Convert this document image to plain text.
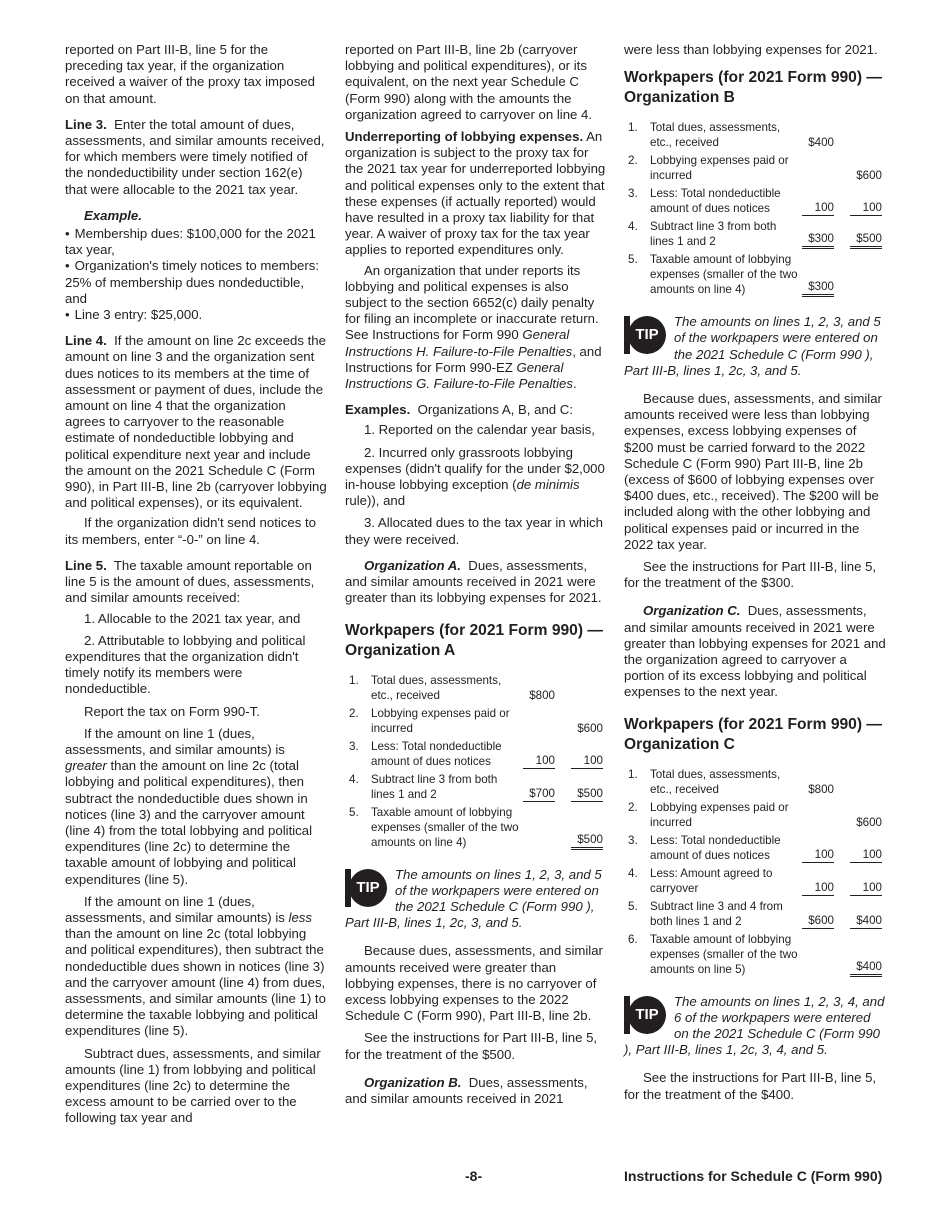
reported on Part III-B, line 5 for the preceding tax year, if the organization received a waiver of the proxy tax imposed on that amount.

Line 3. Enter the total amount of dues, assessments, and similar amounts received, for which members were timely notified of the nondeductibility under section 162(e) that were allocable to the 2021 tax year.

Example.
• Membership dues: $100,000 for the 2021 tax year,
• Organization's timely notices to members: 25% of membership dues nondeductible, and
• Line 3 entry: $25,000.

Line 4. If the amount on line 2c exceeds the amount on line 3 and the organization sent dues notices to its members at the time of assessment or payment of dues, include the amount on line 4 that the organization agrees to carryover to the reasonable estimate of nondeductible lobbying and political expenditure next year and include the amount on the 2021 Schedule C (Form 990), in Part III-B, line 2b (carryover lobbying and political expenses), or its equivalent.

If the organization didn't send notices to its members, enter “-0-” on line 4.

Line 5. The taxable amount reportable on line 5 is the amount of dues, assessments, and similar amounts received:

1. Allocable to the 2021 tax year, and
2. Attributable to lobbying and political expenditures that the organization didn't timely notify its members were nondeductible.

Report the tax on Form 990-T.

If the amount on line 1 (dues, assessments, and similar amounts) is greater than the amount on line 2c (total lobbying and political expenditures), then subtract the nondeductible dues shown in notices (line 3) and the carryover amount (line 4) from the total lobbying and political expenditures (line 2c) to determine the taxable amount of lobbying and political expenditures (line 5).

If the amount on line 1 (dues, assessments, and similar amounts) is less than the amount on line 2c (total lobbying and political expenditures), then subtract the nondeductible dues shown in notices (line 3) and the carryover amount (line 4) from dues, assessments, and similar amounts (line 1) to determine the taxable lobbying and political expenditures (line 5).

Subtract dues, assessments, and similar amounts (line 1) from lobbying and political expenditures (line 2c) to determine the excess amount to be carried over to the following tax year and

reported on Part III-B, line 2b (carryover lobbying and political expenditures), or its equivalent, on the next year Schedule C (Form 990) along with the amounts the organization agreed to carryover on line 4.

Underreporting of lobbying expenses. An organization is subject to the proxy tax for the 2021 tax year for underreported lobbying and political expenses only to the extent that these expenses (if actually reported) would have resulted in a proxy tax liability for that year. A waiver of proxy tax for the tax year applies to reported expenditures only.

An organization that under reports its lobbying and political expenses is also subject to the section 6652(c) daily penalty for filing an incomplete or inaccurate return. See Instructions for Form 990 General Instructions H. Failure-to-File Penalties, and Instructions for Form 990-EZ General Instructions G. Failure-to-File Penalties.

Examples. Organizations A, B, and C:

1. Reported on the calendar year basis,

2. Incurred only grassroots lobbying expenses (didn't qualify for the under $2,000 in-house lobbying exception (de minimis rule)), and

3. Allocated dues to the tax year in which they were received.

Organization A. Dues, assessments, and similar amounts received in 2021 were greater than its lobbying expenses for 2021.

Workpapers (for 2021 Form 990) — Organization A
1.	Total dues, assessments, etc., received	$800		
2.	Lobbying expenses paid or incurred			$600
3.	Less: Total nondeductible amount of dues notices	100		100
4.	Subtract line 3 from both lines 1 and 2	$700		$500
5.	Taxable amount of lobbying expenses (smaller of the two amounts on line 4)			$500
TIP
The amounts on lines 1, 2, 3, and 5 of the workpapers were entered on the 2021 Schedule C (Form 990 ), Part III-B, lines 1, 2c, 3, and 5.

Because dues, assessments, and similar amounts received were greater than lobbying expenses, there is no carryover of excess lobbying expenses to the 2022 Schedule C (Form 990), Part III-B, line 2b.

See the instructions for Part III-B, line 5, for the treatment of the $500.

Organization B. Dues, assessments, and similar amounts received in 2021

were less than lobbying expenses for 2021.

Workpapers (for 2021 Form 990) — Organization B
1.	Total dues, assessments, etc., received	$400		
2.	Lobbying expenses paid or incurred			$600
3.	Less: Total nondeductible amount of dues notices	100		100
4.	Subtract line 3 from both lines 1 and 2	$300		$500
5.	Taxable amount of lobbying expenses (smaller of the two amounts on line 4)	$300		
TIP
The amounts on lines 1, 2, 3, and 5 of the workpapers were entered on the 2021 Schedule C (Form 990 ), Part III-B, lines 1, 2c, 3, and 5.

Because dues, assessments, and similar amounts received were less than lobbying expenses, excess lobbying expenses of $200 must be carried forward to the 2022 Schedule C (Form 990) Part III-B, line 2b (excess of $600 of lobbying expenses over $400 dues, etc., received). The $200 will be included along with the other lobbying and political expenses paid or incurred in the 2022 tax year.

See the instructions for Part III-B, line 5, for the treatment of the $300.

Organization C. Dues, assessments, and similar amounts received in 2021 were greater than lobbying expenses for 2021 and the organization agreed to carryover a portion of its excess lobbying and political expenses to the next year.

Workpapers (for 2021 Form 990) — Organization C
1.	Total dues, assessments, etc., received	$800		
2.	Lobbying expenses paid or incurred			$600
3.	Less: Total nondeductible amount of dues notices	100		100
4.	Less: Amount agreed to carryover	100		100
5.	Subtract line 3 and 4 from both lines 1 and 2	$600		$400
6.	Taxable amount of lobbying expenses (smaller of the two amounts on line 5)			$400
TIP
The amounts on lines 1, 2, 3, 4, and 6 of the workpapers were entered on the 2021 Schedule C (Form 990 ), Part III-B, lines 1, 2c, 3, 4, and 5.

See the instructions for Part III-B, line 5, for the treatment of the $400.

-8-	Instructions for Schedule C (Form 990)
